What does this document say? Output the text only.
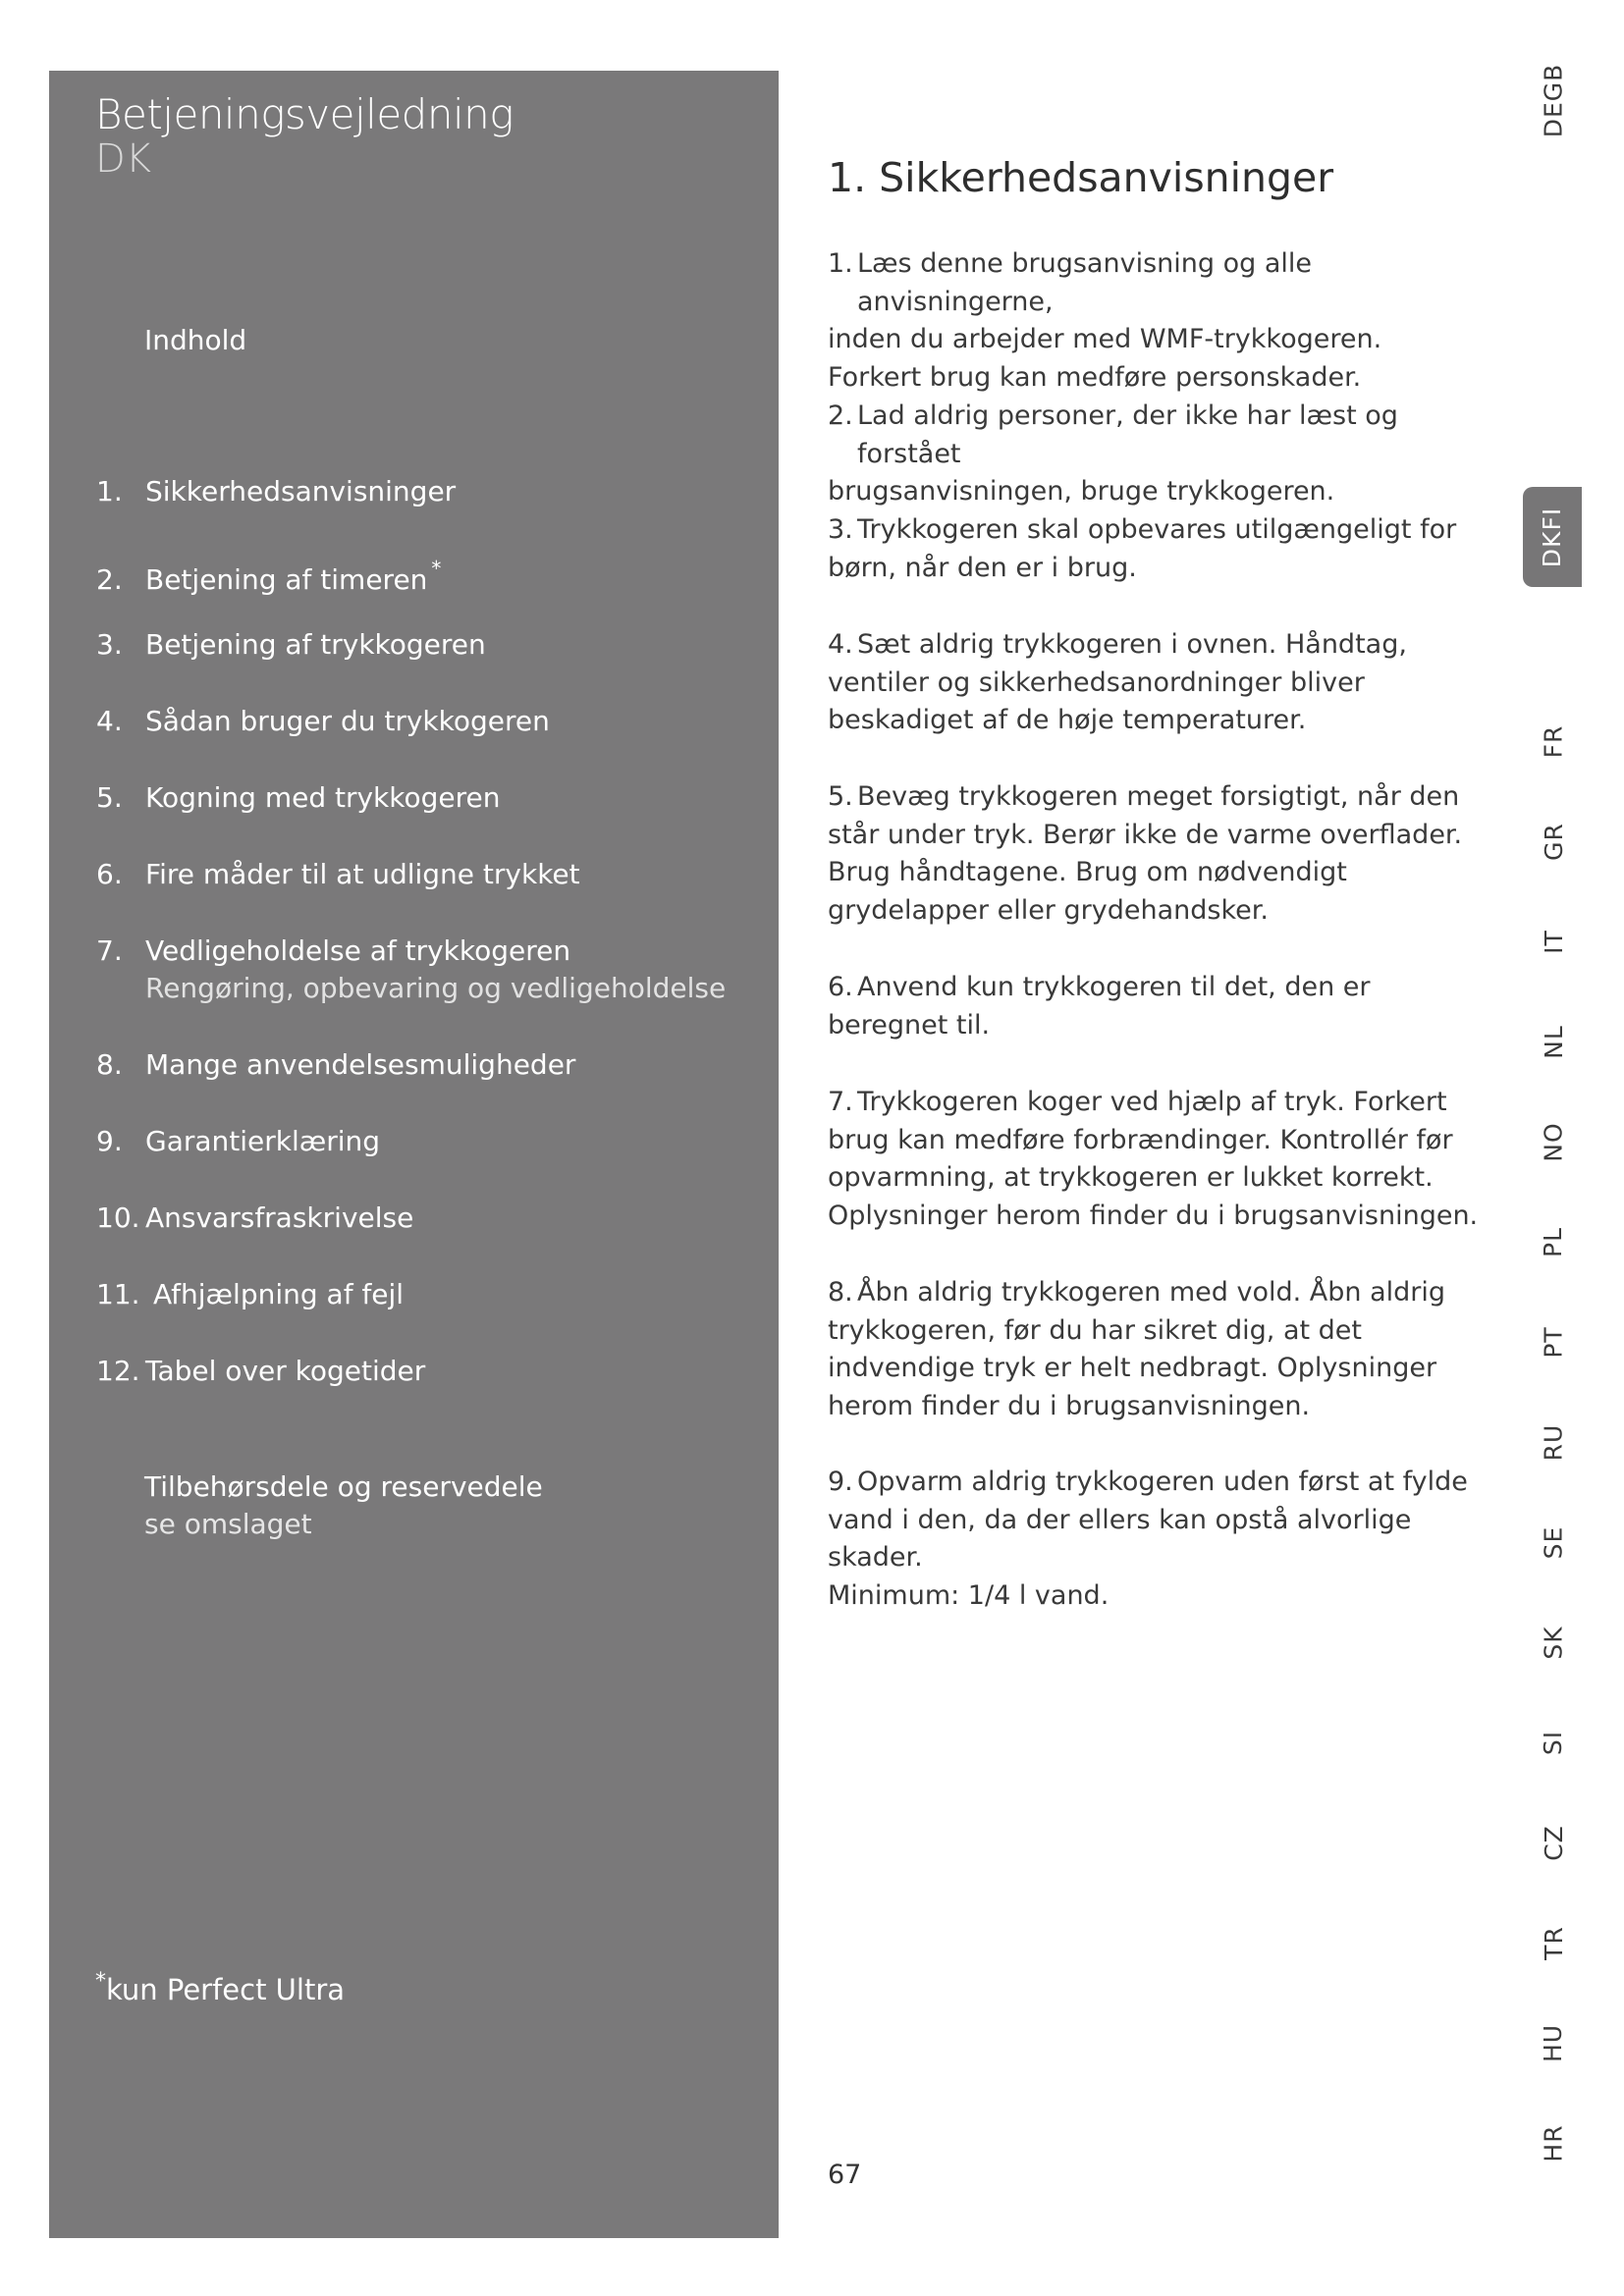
Betjeningsvejledning
DK
Indhold
1. Sikkerhedsanvisninger
2. Betjening af timeren *
3. Betjening af trykkogeren
4. Sådan bruger du trykkogeren
5. Kogning med trykkogeren
6. Fire måder til at udligne trykket
7. Vedligeholdelse af trykkogeren
Rengøring, opbevaring og vedligeholdelse
8. Mange anvendelsesmuligheder
9. Garantierklæring
10. Ansvarsfraskrivelse
11. Afhjælpning af fejl
12. Tabel over kogetider
Tilbehørsdele og reservedele
se omslaget
*kun Perfect Ultra
1. Sikkerhedsanvisninger
1. Læs denne brugsanvisning og alle anvisningerne,
inden du arbejder med WMF-trykkogeren.
Forkert brug kan medføre personskader.
2. Lad aldrig personer, der ikke har læst og forstået
brugsanvisningen, bruge trykkogeren.
3. Trykkogeren skal opbevares utilgængeligt for
børn, når den er i brug.
4. Sæt aldrig trykkogeren i ovnen. Håndtag,
ventiler og sikkerhedsanordninger bliver
beskadiget af de høje temperaturer.
5. Bevæg trykkogeren meget forsigtigt, når den
står under tryk. Berør ikke de varme overflader.
Brug håndtagene. Brug om nødvendigt
grydelapper eller grydehandsker.
6. Anvend kun trykkogeren til det, den er
beregnet til.
7. Trykkogeren koger ved hjælp af tryk. Forkert
brug kan medføre forbrændinger. Kontrollér før
opvarmning, at trykkogeren er lukket korrekt.
Oplysninger herom finder du i brugsanvisningen.
8. Åbn aldrig trykkogeren med vold. Åbn aldrig
trykkogeren, før du har sikret dig, at det
indvendige tryk er helt nedbragt. Oplysninger
herom finder du i brugsanvisningen.
9. Opvarm aldrig trykkogeren uden først at fylde
vand i den, da der ellers kan opstå alvorlige
skader.
Minimum: 1/4 l vand.
67
DEGB
DKFI
FR
GR
IT
NL
NO
PL
PT
RU
SE
SK
SI
CZ
TR
HU
HR
